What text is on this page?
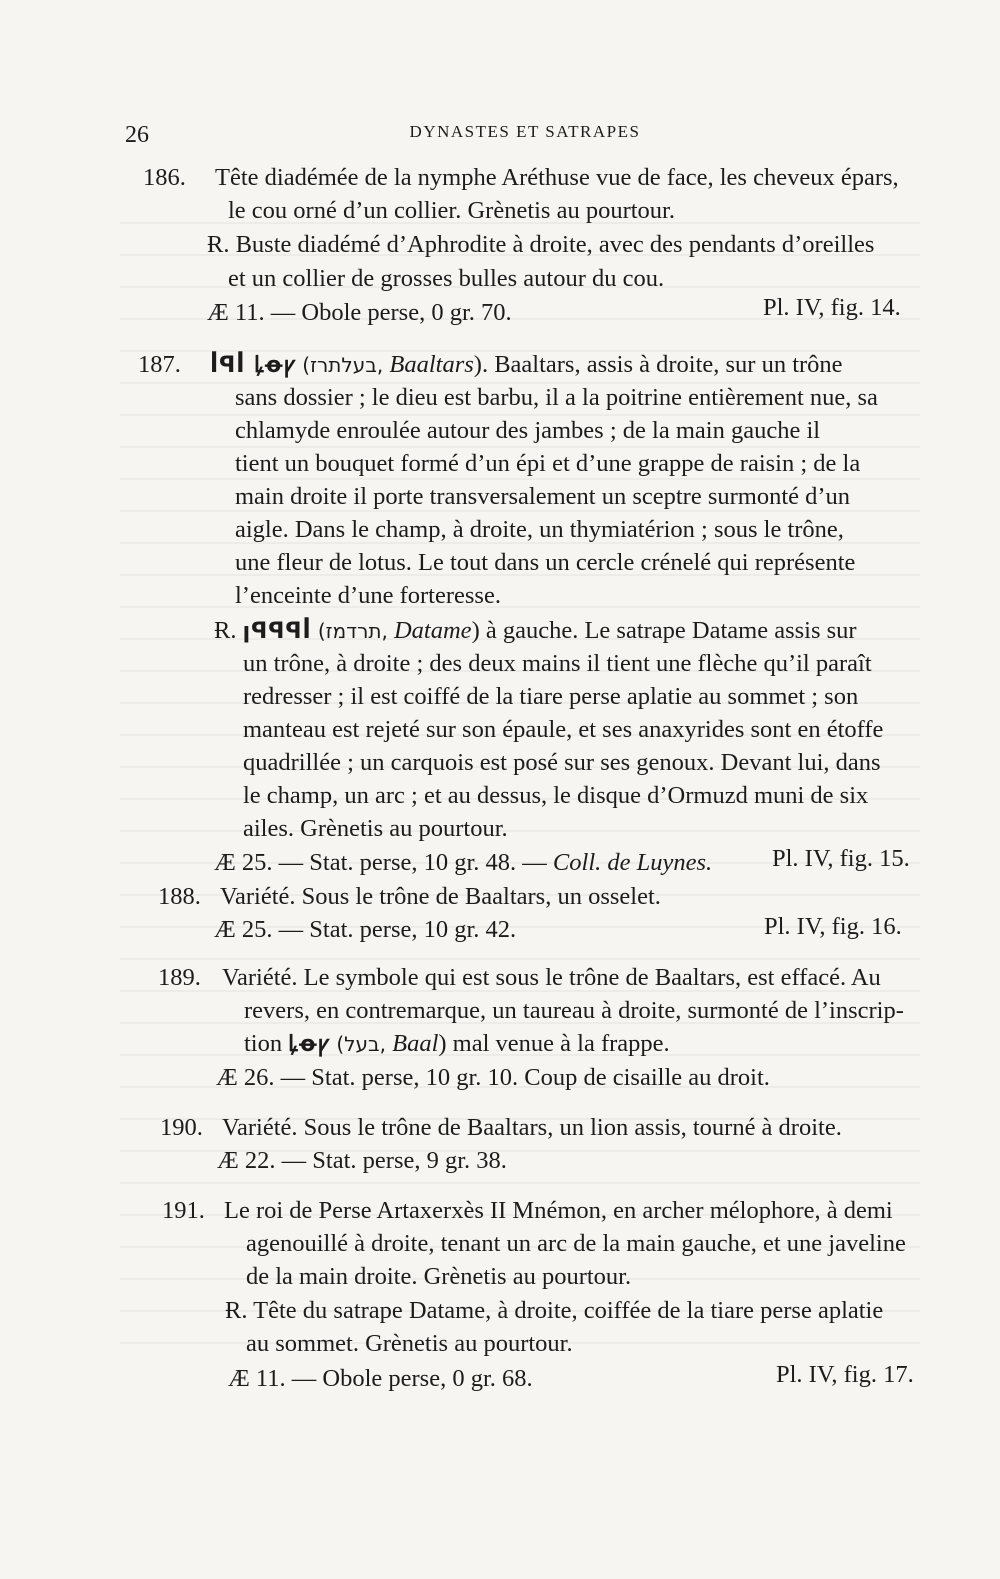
26	DYNASTES ET SATRAPES
186. Tête diadémée de la nymphe Aréthuse vue de face, les cheveux épars,
le cou orné d’un collier. Grènetis au pourtour.
Ɍ. Buste diadémé d’Aphrodite à droite, avec des pendants d’oreilles
et un collier de grosses bulles autour du cou.
Æ 11. — Obole perse, 0 gr. 70.	Pl. IV, fig. 14.
187. ꟾꟼꟾ ꝲꝋꝩ (בעלתרז, Baaltars). Baaltars, assis à droite, sur un trône
sans dossier ; le dieu est barbu, il a la poitrine entièrement nue, sa
chlamyde enroulée autour des jambes ; de la main gauche il
tient un bouquet formé d’un épi et d’une grappe de raisin ; de la
main droite il porte transversalement un sceptre surmonté d’un
aigle. Dans le champ, à droite, un thymiatérion ; sous le trône,
une fleur de lotus. Le tout dans un cercle crénelé qui représente
l’enceinte d’une forteresse.
Ɍ. ꞁꟼꟼꟼꟾ (תרדמז, Datame) à gauche. Le satrape Datame assis sur
un trône, à droite ; des deux mains il tient une flèche qu’il paraît
redresser ; il est coiffé de la tiare perse aplatie au sommet ; son
manteau est rejeté sur son épaule, et ses anaxyrides sont en étoffe
quadrillée ; un carquois est posé sur ses genoux. Devant lui, dans
le champ, un arc ; et au dessus, le disque d’Ormuzd muni de six
ailes. Grènetis au pourtour.
Æ 25. — Stat. perse, 10 gr. 48. — Coll. de Luynes. Pl. IV, fig. 15.
188. Variété. Sous le trône de Baaltars, un osselet.
Æ 25. — Stat. perse, 10 gr. 42.	Pl. IV, fig. 16.
189. Variété. Le symbole qui est sous le trône de Baaltars, est effacé. Au
revers, en contremarque, un taureau à droite, surmonté de l’inscrip-
tion ꝲꝋꝩ (בעל, Baal) mal venue à la frappe.
Æ 26. — Stat. perse, 10 gr. 10. Coup de cisaille au droit.
190. Variété. Sous le trône de Baaltars, un lion assis, tourné à droite.
Æ 22. — Stat. perse, 9 gr. 38.
191. Le roi de Perse Artaxerxès II Mnémon, en archer mélophore, à demi
agenouillé à droite, tenant un arc de la main gauche, et une javeline
de la main droite. Grènetis au pourtour.
Ɍ. Tête du satrape Datame, à droite, coiffée de la tiare perse aplatie
au sommet. Grènetis au pourtour.
Æ 11. — Obole perse, 0 gr. 68.	Pl. IV, fig. 17.
